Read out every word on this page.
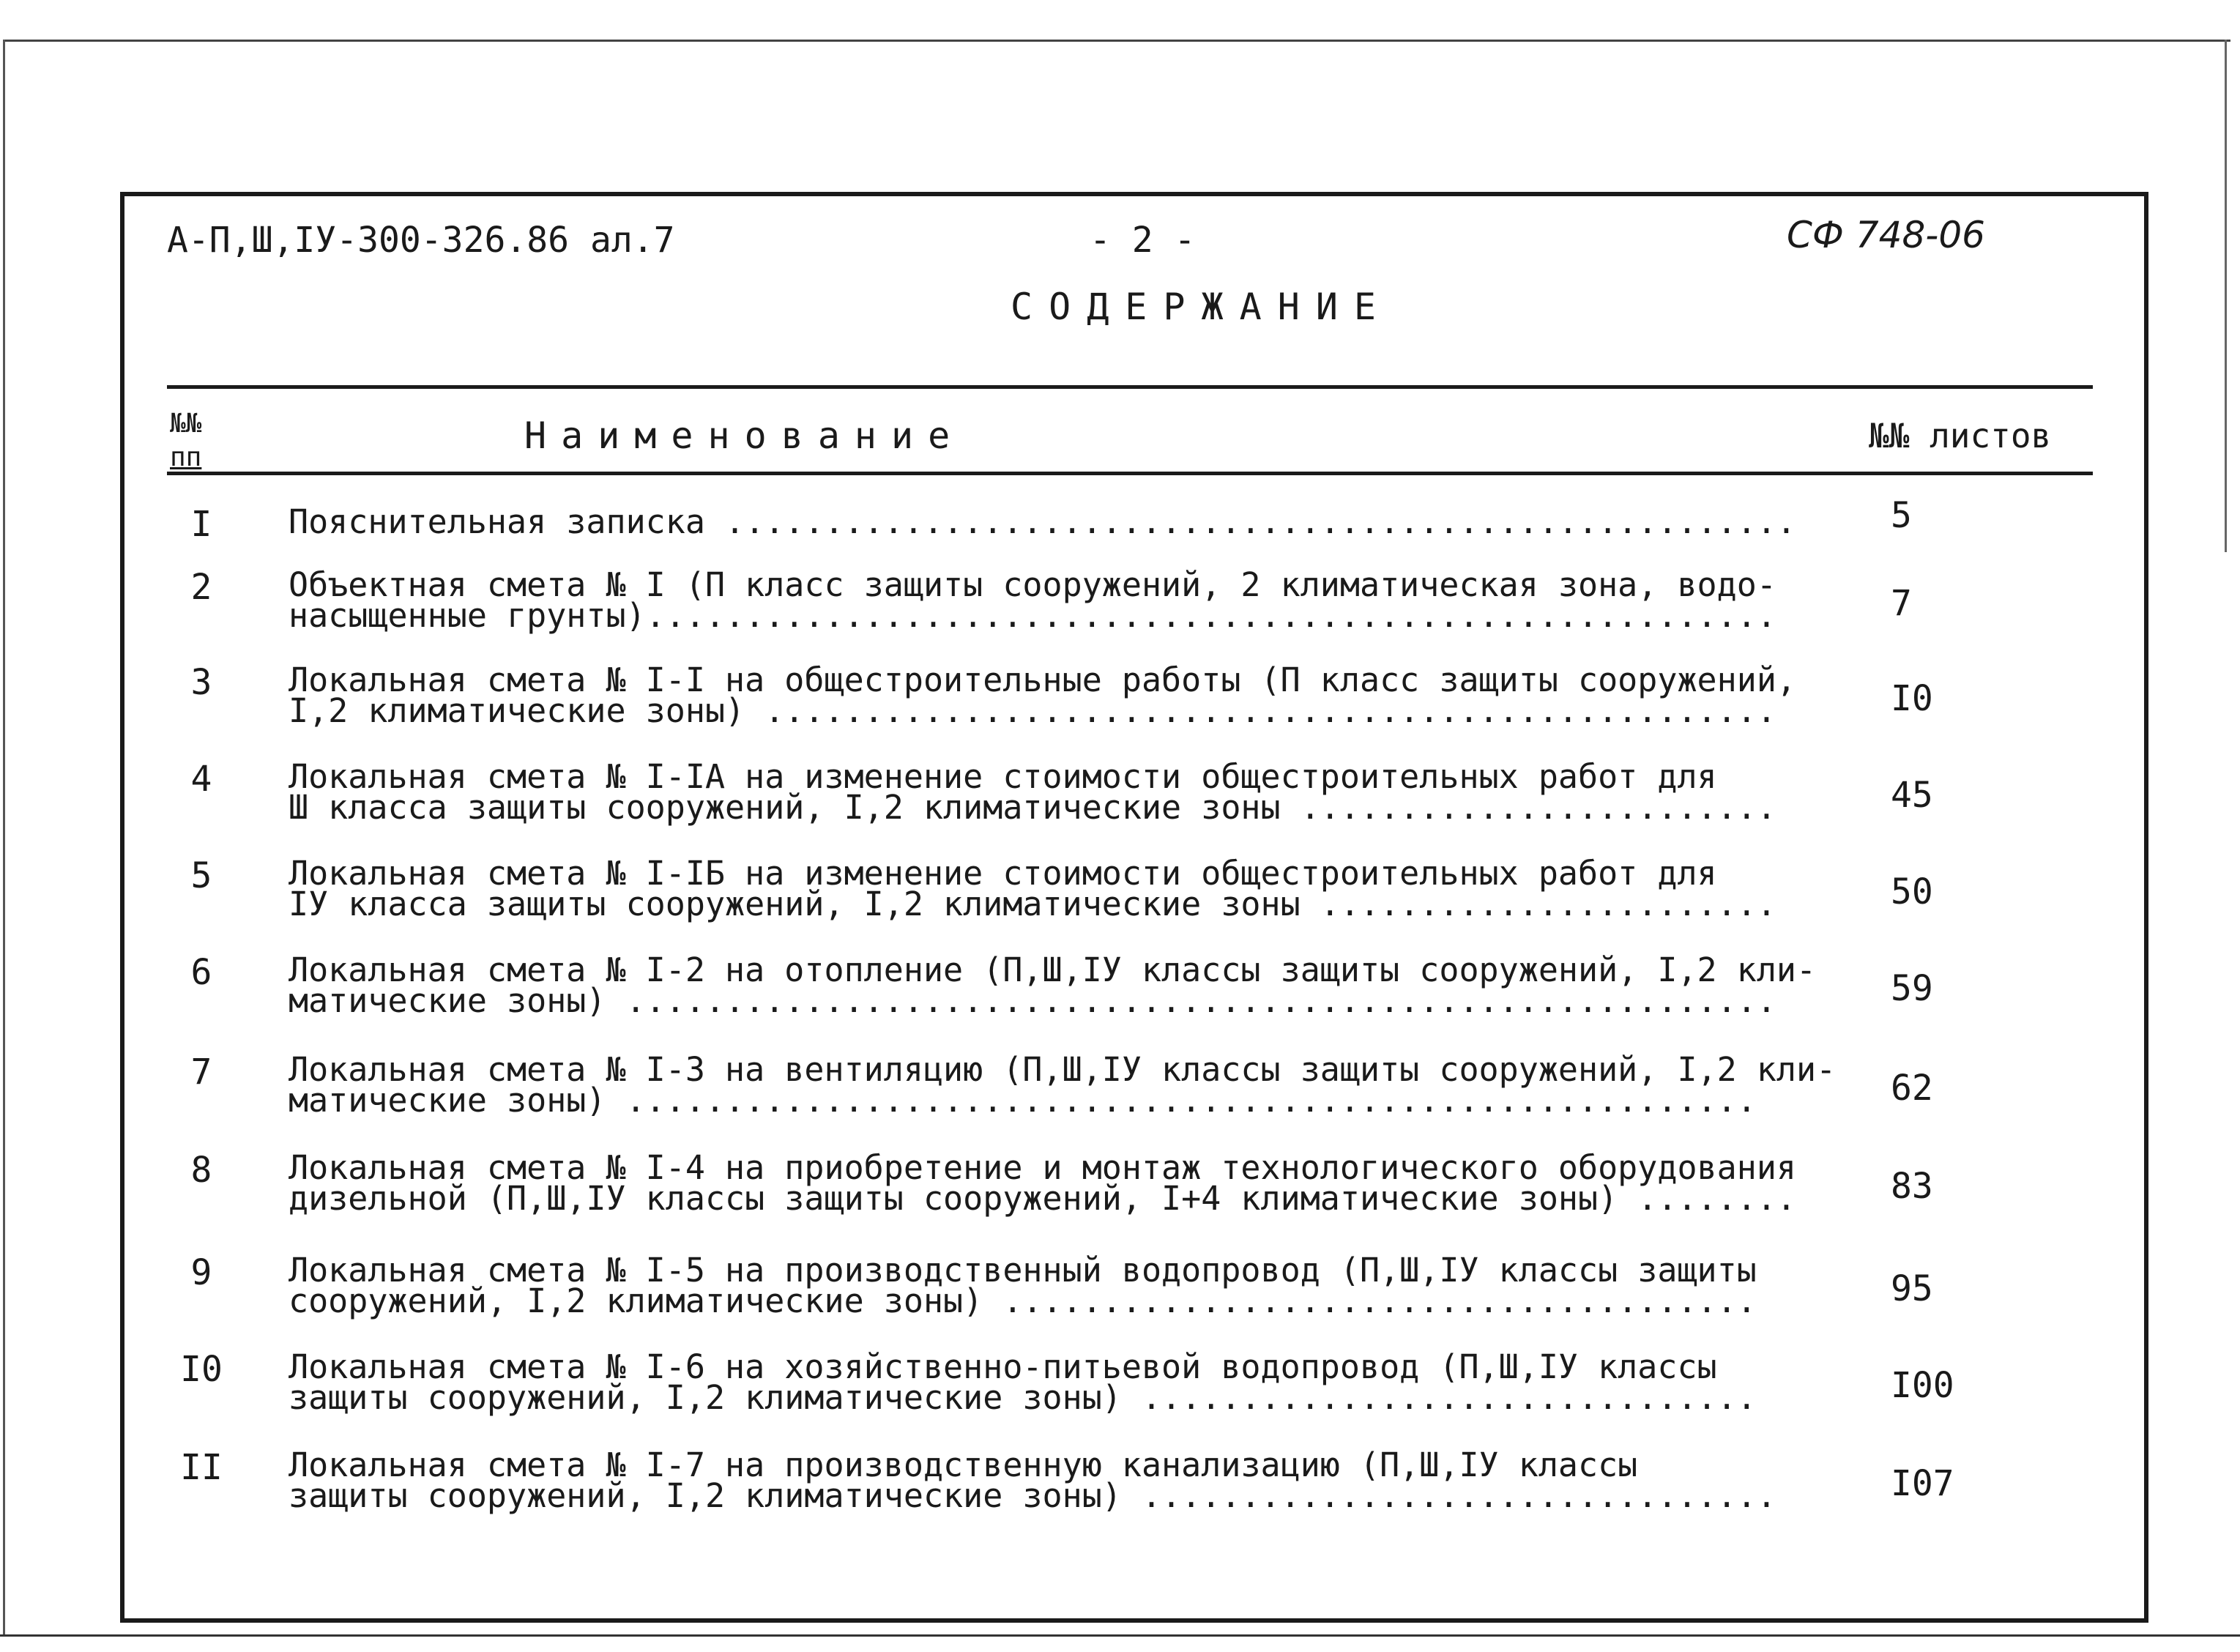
А-П,Ш,IУ-300-326.86 ал.7	- 2 -	СФ 748-06
СОДЕРЖАНИЕ
№№
пп
Наименование	№№ листов
I	Пояснительная записка ......................................................	5
2	Объектная смета № I (П класс защиты сооружений, 2 климатическая зона, водо-
насыщенные грунты).........................................................	7
3	Локальная смета № I-I на общестроительные работы (П класс защиты сооружений,
I,2 климатические зоны) ...................................................	I0
4	Локальная смета № I-IА на изменение стоимости общестроительных работ для
Ш класса защиты сооружений, I,2 климатические зоны ........................	45
5	Локальная смета № I-IБ на изменение стоимости общестроительных работ для
IУ класса защиты сооружений, I,2 климатические зоны .......................	50
6	Локальная смета № I-2 на отопление (П,Ш,IУ классы защиты сооружений, I,2 кли-
матические зоны) ..........................................................	59
7	Локальная смета № I-3 на вентиляцию (П,Ш,IУ классы защиты сооружений, I,2 кли-
матические зоны) .........................................................	62
8	Локальная смета № I-4 на приобретение и монтаж технологического оборудования
дизельной (П,Ш,IУ классы защиты сооружений, I+4 климатические зоны) ........	83
9	Локальная смета № I-5 на производственный водопровод (П,Ш,IУ классы защиты
сооружений, I,2 климатические зоны) ......................................	95
I0	Локальная смета № I-6 на хозяйственно-питьевой водопровод (П,Ш,IУ классы
защиты сооружений, I,2 климатические зоны) ...............................	I00
II	Локальная смета № I-7 на производственную канализацию (П,Ш,IУ классы
защиты сооружений, I,2 климатические зоны) ................................	I07
